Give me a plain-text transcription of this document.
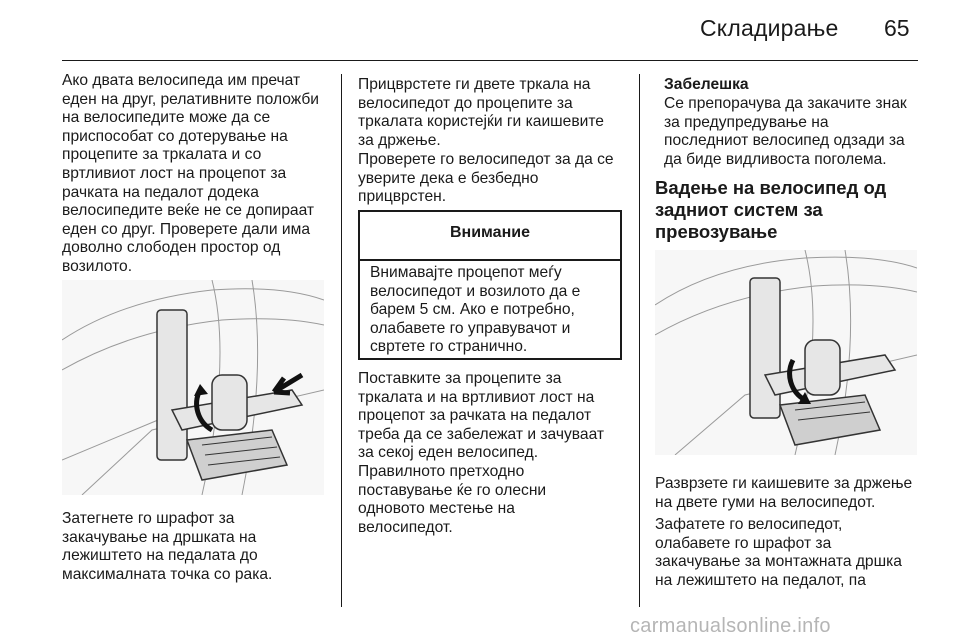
Складирање 65

Ако двата велосипеда им пречат
еден на друг, релативните положби
на велосипедите може да се
приспособат со дотерување на
процепите за тркалата и со
вртливиот лост на процепот за
рачката на педалот додека
велосипедите веќе не се допираат
еден со друг. Проверете дали има
доволно слободен простор од
возилото.

Затегнете го шрафот за
закачување на дршката на
лежиштето на педалата до
максималната точка со рака.

Прицврстете ги двете тркала на
велосипедот до процепите за
тркалата користејќи ги каишевите
за држење.

Проверете го велосипедот за да се
уверите дека е безбедно
прицврстен.

Внимание

Внимавајте процепот меѓу
велосипедот и возилото да е
барем 5 см. Ако е потребно,
олабавете го управувачот и
свртете го странично.

Поставките за процепите за
тркалата и на вртливиот лост на
процепот за рачката на педалот
треба да се забележат и зачуваат
за секој еден велосипед.
Правилното претходно
поставување ќе го олесни
одновото местење на
велосипедот.

Забелешка

Се препорачува да закачите знак
за предупредување на
последниот велосипед одзади за
да биде видливоста поголема.

Вадење на велосипед од
задниот систем за
превозување

Разврзете ги каишевите за држење
на двете гуми на велосипедот.

Зафатете го велосипедот,
олабавете го шрафот за
закачување за монтажната дршка
на лежиштето на педалот, па

carmanualsonline.info
